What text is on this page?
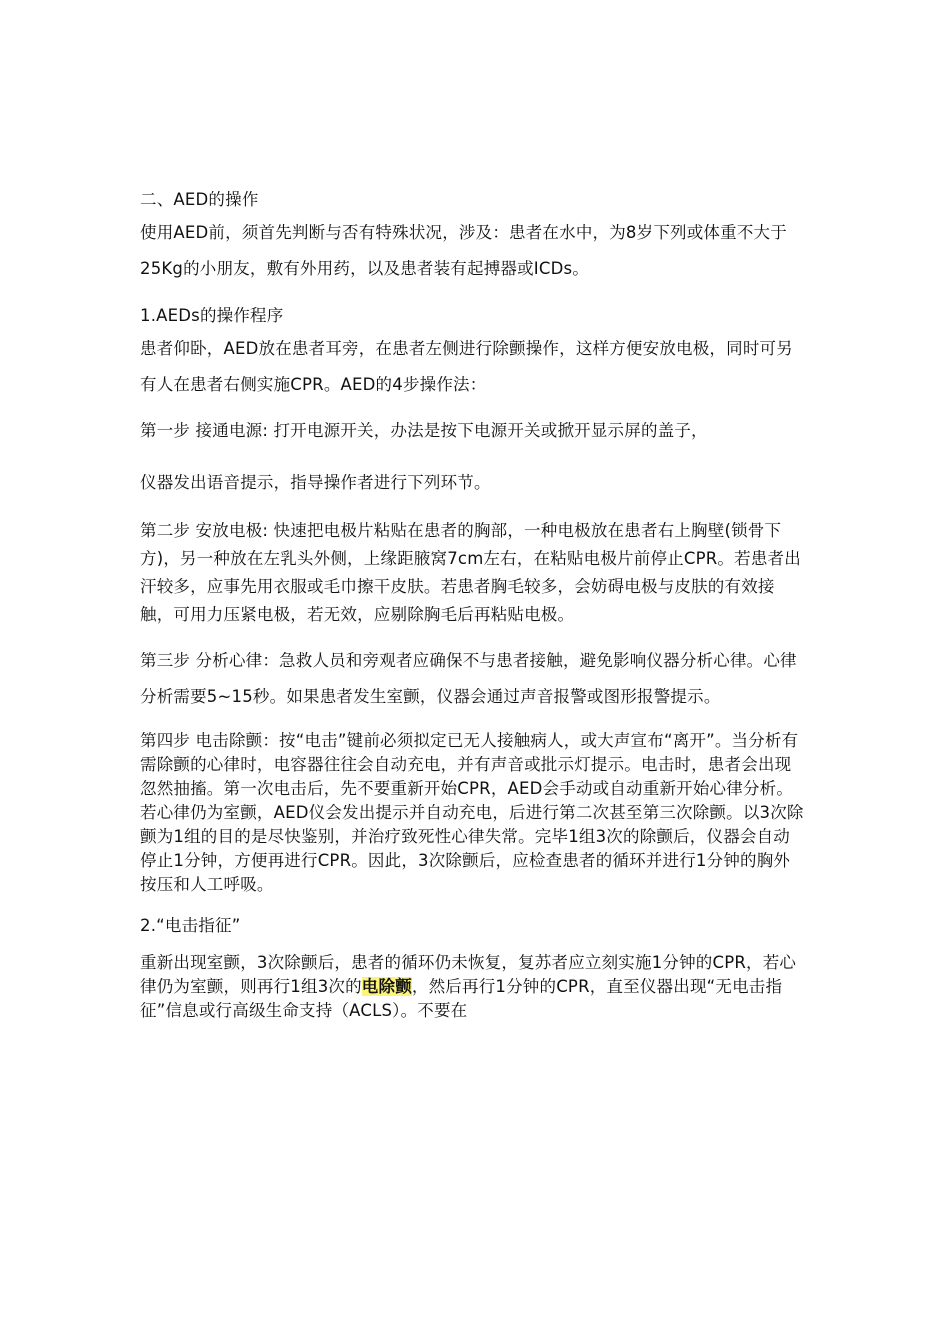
二、AED的操作

使用AED前，须首先判断与否有特殊状况，涉及：患者在水中，为8岁下列或体重不大于25Kg的小朋友，敷有外用药，以及患者装有起搏器或ICDs。

1.AEDs的操作程序

患者仰卧，AED放在患者耳旁，在患者左侧进行除颤操作，这样方便安放电极，同时可另有人在患者右侧实施CPR。AED的4步操作法：

第一步 接通电源: 打开电源开关，办法是按下电源开关或掀开显示屏的盖子，

仪器发出语音提示，指导操作者进行下列环节。

第二步 安放电极: 快速把电极片粘贴在患者的胸部，一种电极放在患者右上胸壁(锁骨下方)，另一种放在左乳头外侧，上缘距腋窝7cm左右，在粘贴电极片前停止CPR。若患者出汗较多，应事先用衣服或毛巾擦干皮肤。若患者胸毛较多，会妨碍电极与皮肤的有效接触，可用力压紧电极，若无效，应剔除胸毛后再粘贴电极。

第三步 分析心律：急救人员和旁观者应确保不与患者接触，避免影响仪器分析心律。心律分析需要5~15秒。如果患者发生室颤，仪器会通过声音报警或图形报警提示。

第四步 电击除颤：按“电击”键前必须拟定已无人接触病人，或大声宣布“离开”。当分析有需除颤的心律时，电容器往往会自动充电，并有声音或批示灯提示。电击时，患者会出现忽然抽搐。第一次电击后，先不要重新开始CPR，AED会手动或自动重新开始心律分析。若心律仍为室颤，AED仪会发出提示并自动充电，后进行第二次甚至第三次除颤。以3次除颤为1组的目的是尽快鉴别，并治疗致死性心律失常。完毕1组3次的除颤后，仪器会自动停止1分钟，方便再进行CPR。因此，3次除颤后，应检查患者的循环并进行1分钟的胸外按压和人工呼吸。

2.“电击指征”

重新出现室颤，3次除颤后，患者的循环仍未恢复，复苏者应立刻实施1分钟的CPR，若心律仍为室颤，则再行1组3次的电除颤，然后再行1分钟的CPR，直至仪器出现“无电击指征”信息或行高级生命支持（ACLS）。不要在
